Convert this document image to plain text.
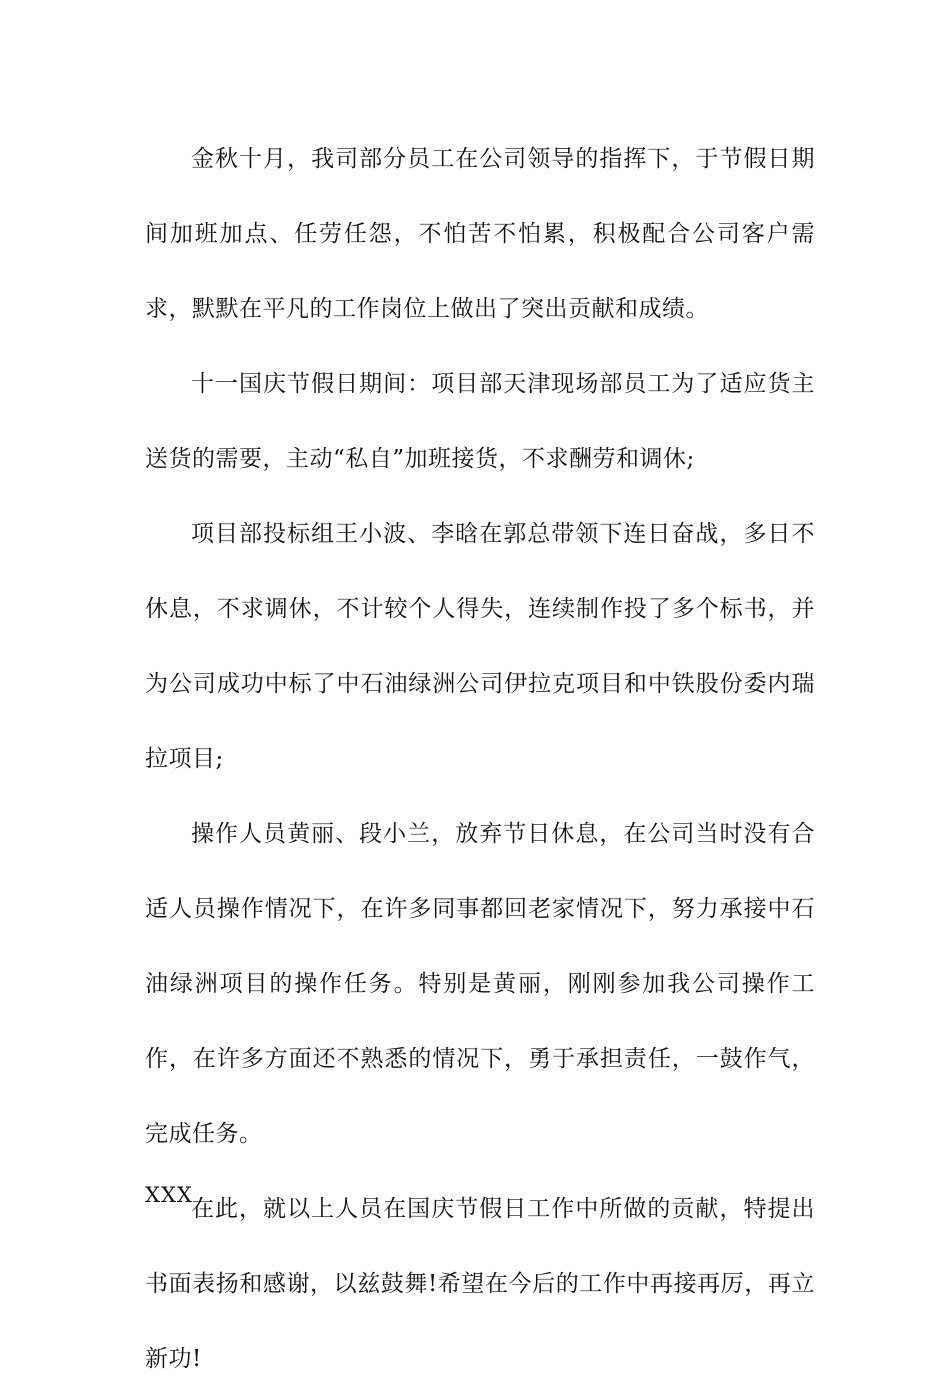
金秋十月，我司部分员工在公司领导的指挥下，于节假日期间加班加点、任劳任怨，不怕苦不怕累，积极配合公司客户需求，默默在平凡的工作岗位上做出了突出贡献和成绩。

十一国庆节假日期间：项目部天津现场部员工为了适应货主送货的需要，主动“私自”加班接货，不求酬劳和调休;

项目部投标组王小波、李晗在郭总带领下连日奋战，多日不休息，不求调休，不计较个人得失，连续制作投了多个标书，并为公司成功中标了中石油绿洲公司伊拉克项目和中铁股份委内瑞拉项目;

操作人员黄丽、段小兰，放弃节日休息，在公司当时没有合适人员操作情况下，在许多同事都回老家情况下，努力承接中石油绿洲项目的操作任务。特别是黄丽，刚刚参加我公司操作工作，在许多方面还不熟悉的情况下，勇于承担责任，一鼓作气，完成任务。

在此，就以上人员在国庆节假日工作中所做的贡献，特提出书面表扬和感谢，以兹鼓舞!希望在今后的工作中再接再厉，再立新功!

XXX
